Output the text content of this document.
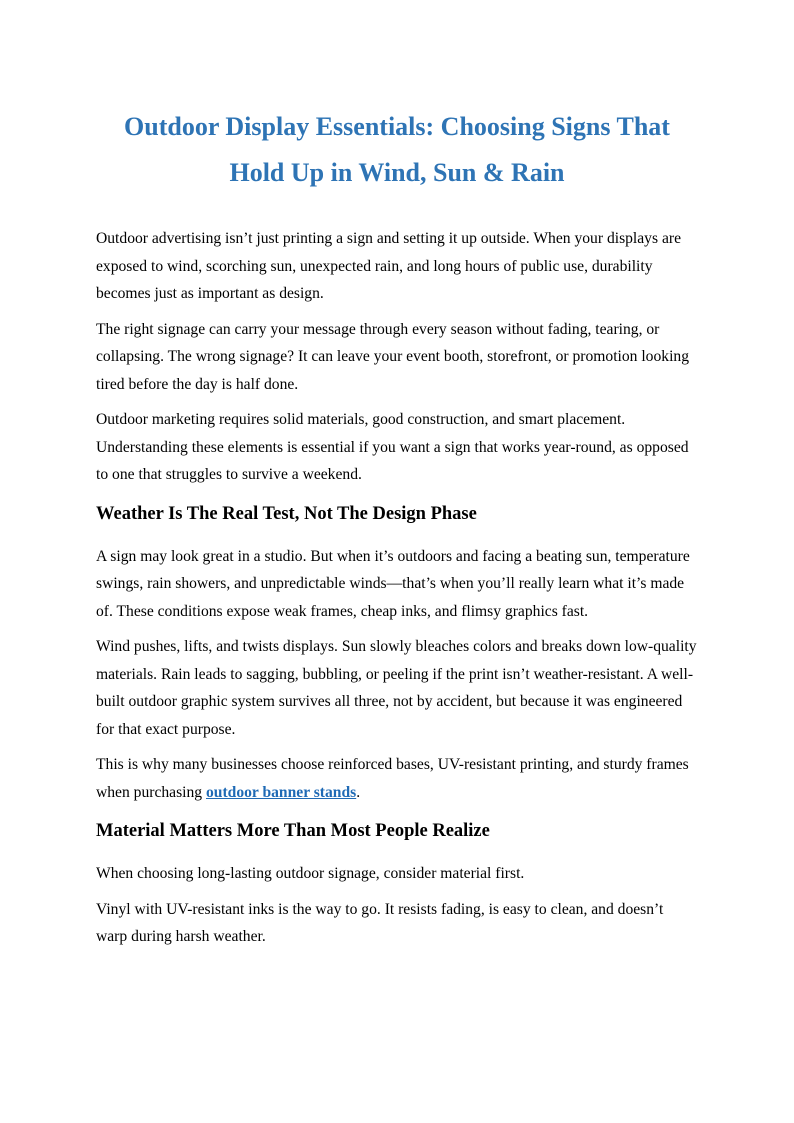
Outdoor Display Essentials: Choosing Signs That
Hold Up in Wind, Sun & Rain

Outdoor advertising isn’t just printing a sign and setting it up outside. When your displays are exposed to wind, scorching sun, unexpected rain, and long hours of public use, durability becomes just as important as design.

The right signage can carry your message through every season without fading, tearing, or collapsing. The wrong signage? It can leave your event booth, storefront, or promotion looking tired before the day is half done.

Outdoor marketing requires solid materials, good construction, and smart placement. Understanding these elements is essential if you want a sign that works year-round, as opposed to one that struggles to survive a weekend.

Weather Is The Real Test, Not The Design Phase

A sign may look great in a studio. But when it’s outdoors and facing a beating sun, temperature swings, rain showers, and unpredictable winds—that’s when you’ll really learn what it’s made of. These conditions expose weak frames, cheap inks, and flimsy graphics fast.

Wind pushes, lifts, and twists displays. Sun slowly bleaches colors and breaks down low-quality materials. Rain leads to sagging, bubbling, or peeling if the print isn’t weather-resistant. A well-built outdoor graphic system survives all three, not by accident, but because it was engineered for that exact purpose.

This is why many businesses choose reinforced bases, UV-resistant printing, and sturdy frames when purchasing outdoor banner stands.

Material Matters More Than Most People Realize

When choosing long-lasting outdoor signage, consider material first.

Vinyl with UV-resistant inks is the way to go. It resists fading, is easy to clean, and doesn’t warp during harsh weather.
